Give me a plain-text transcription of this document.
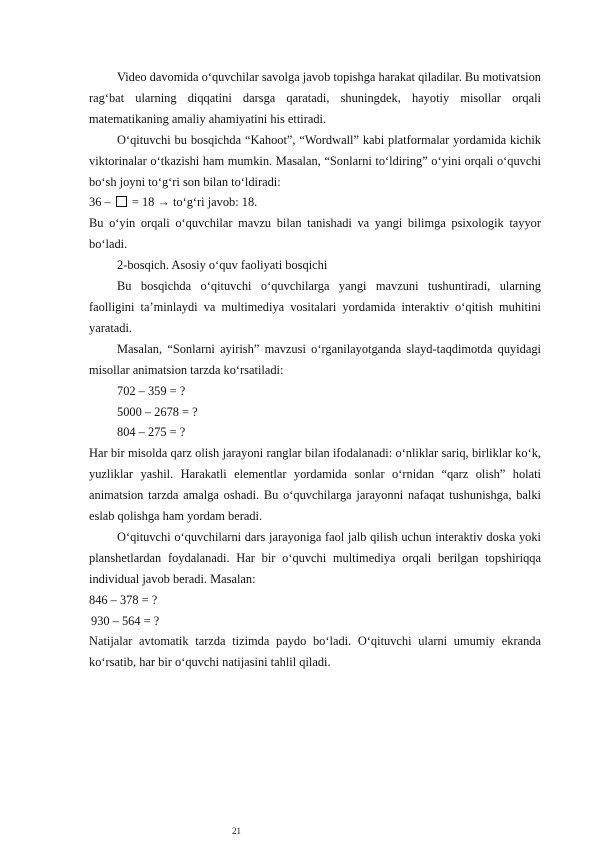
Video davomida o‘quvchilar savolga javob topishga harakat qiladilar. Bu motivatsion rag‘bat ularning diqqatini darsga qaratadi, shuningdek, hayotiy misollar orqali matematikaning amaliy ahamiyatini his ettiradi.

O‘qituvchi bu bosqichda “Kahoot”, “Wordwall” kabi platformalar yordamida kichik viktorinalar o‘tkazishi ham mumkin. Masalan, “Sonlarni to‘ldiring” o‘yini orqali o‘quvchi bo‘sh joyni to‘g‘ri son bilan to‘ldiradi:

36 – = 18 → to‘g‘ri javob: 18.

Bu o‘yin orqali o‘quvchilar mavzu bilan tanishadi va yangi bilimga psixologik tayyor bo‘ladi.

2-bosqich. Asosiy o‘quv faoliyati bosqichi

Bu bosqichda o‘qituvchi o‘quvchilarga yangi mavzuni tushuntiradi, ularning faolligini ta’minlaydi va multimediya vositalari yordamida interaktiv o‘qitish muhitini yaratadi.

Masalan, “Sonlarni ayirish” mavzusi o‘rganilayotganda slayd-taqdimotda quyidagi misollar animatsion tarzda ko‘rsatiladi:

702 – 359 = ?

5000 – 2678 = ?

804 – 275 = ?

Har bir misolda qarz olish jarayoni ranglar bilan ifodalanadi: o‘nliklar sariq, birliklar ko‘k, yuzliklar yashil. Harakatli elementlar yordamida sonlar o‘rnidan “qarz olish” holati animatsion tarzda amalga oshadi. Bu o‘quvchilarga jarayonni nafaqat tushunishga, balki eslab qolishga ham yordam beradi.

O‘qituvchi o‘quvchilarni dars jarayoniga faol jalb qilish uchun interaktiv doska yoki planshetlardan foydalanadi. Har bir o‘quvchi multimediya orqali berilgan topshiriqqa individual javob beradi. Masalan:

846 – 378 = ?

930 – 564 = ?

Natijalar avtomatik tarzda tizimda paydo bo‘ladi. O‘qituvchi ularni umumiy ekranda ko‘rsatib, har bir o‘quvchi natijasini tahlil qiladi.

21
